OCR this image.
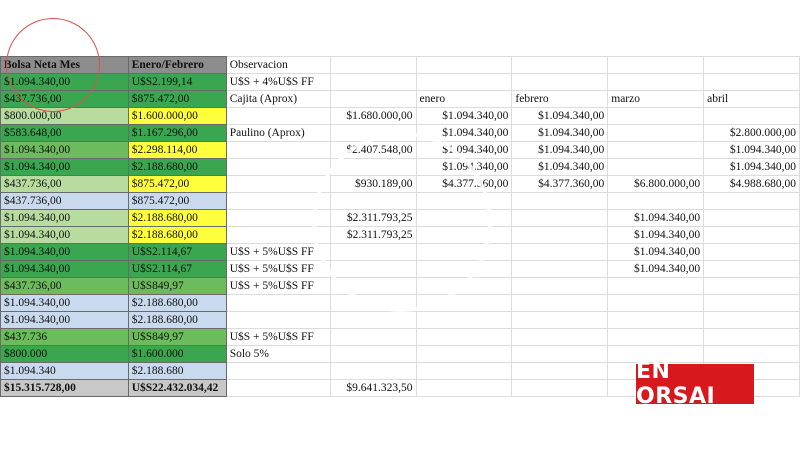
Bolsa Neta Mes	Enero/Febrero	Observacion					
$1.094.340,00	U$S2.199,14	U$S + 4%U$S FF					
$437.736,00	$875.472,00	Cajita (Aprox)		enero	febrero	marzo	abril
$800.000,00	$1.600.000,00		$1.680.000,00	$1.094.340,00	$1.094.340,00		
$583.648,00	$1.167.296,00	Paulino (Aprox)		$1.094.340,00	$1.094.340,00		$2.800.000,00
$1.094.340,00	$2.298.114,00		$2.407.548,00	$1.094.340,00	$1.094.340,00		$1.094.340,00
$1.094.340,00	$2.188.680,00			$1.094.340,00	$1.094.340,00		$1.094.340,00
$437.736,00	$875.472,00		$930.189,00	$4.377.360,00	$4.377.360,00	$6.800.000,00	$4.988.680,00
$437.736,00	$875.472,00						
$1.094.340,00	$2.188.680,00		$2.311.793,25			$1.094.340,00	
$1.094.340,00	$2.188.680,00		$2.311.793,25			$1.094.340,00	
$1.094.340,00	U$S2.114,67	U$S + 5%U$S FF				$1.094.340,00	
$1.094.340,00	U$S2.114,67	U$S + 5%U$S FF				$1.094.340,00	
$437.736,00	U$S849,97	U$S + 5%U$S FF					
$1.094.340,00	$2.188.680,00						
$1.094.340,00	$2.188.680,00						
$437.736	U$S849,97	U$S + 5%U$S FF					
$800.000	$1.600.000	Solo 5%					
$1.094.340	$2.188.680						
$15.315.728,00	U$S22.432.034,42		$9.641.323,50				
EN ORSAI
